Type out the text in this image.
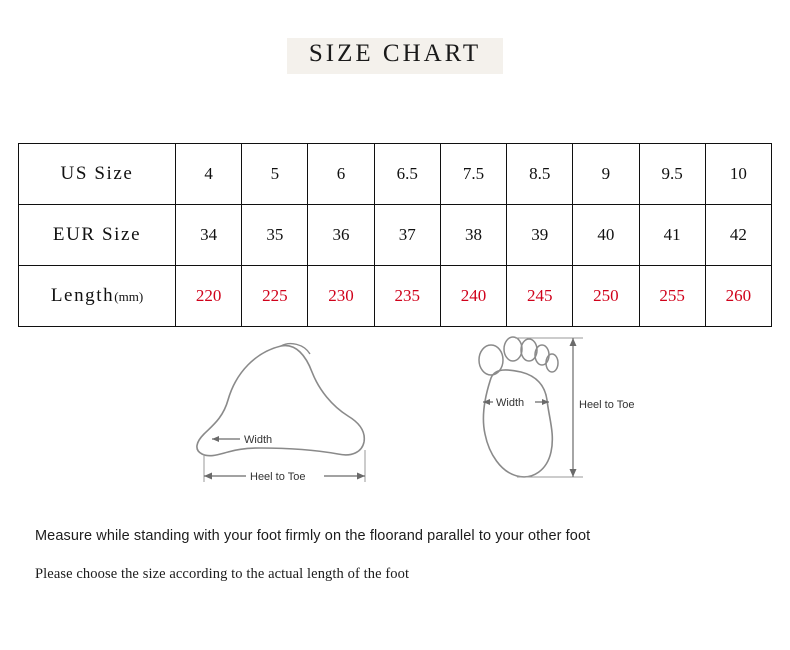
SIZE CHART
US Size	4	5	6	6.5	7.5	8.5	9	9.5	10
EUR Size	34	35	36	37	38	39	40	41	42
Length(mm)	220	225	230	235	240	245	250	255	260
Width
Heel to Toe
Width	Heel to Toe
Measure while standing with your foot firmly on the floorand parallel to your other foot
Please choose the size according to the actual length of the foot
